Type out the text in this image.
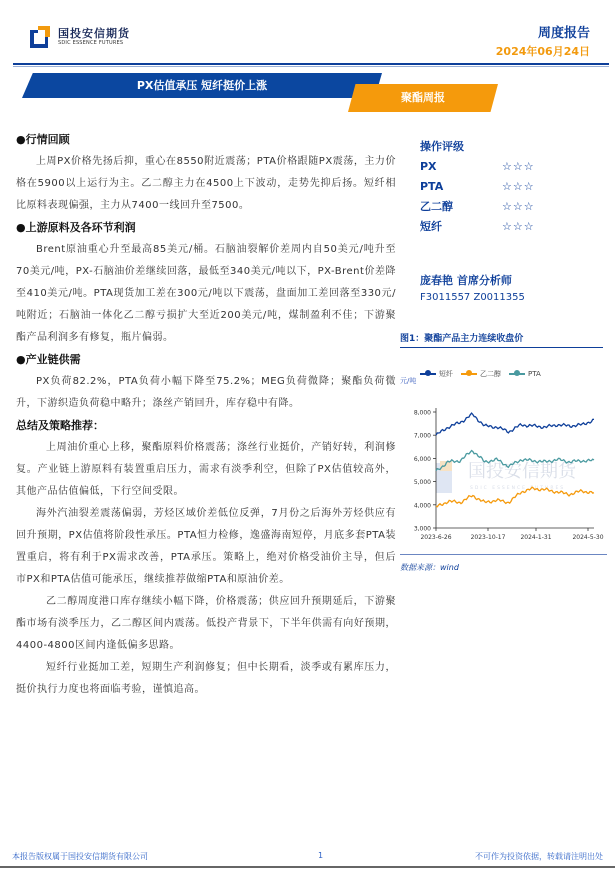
国投安信期货
SDIC ESSENCE FUTURES
周度报告
2024年06月24日
PX估值承压 短纤挺价上涨
聚酯周报
●行情回顾

上周PX价格先扬后抑，重心在8550附近震荡；PTA价格跟随PX震荡，主力价格在5900以上运行为主。乙二醇主力在4500上下波动，走势先抑后扬。短纤相比原料表现偏强，主力从7400一线回升至7500。

●上游原料及各环节利润

Brent原油重心升至最高85美元/桶。石脑油裂解价差周内自50美元/吨升至70美元/吨，PX-石脑油价差继续回落，最低至340美元/吨以下，PX-Brent价差降至410美元/吨。PTA现货加工差在300元/吨以下震荡，盘面加工差回落至330元/吨附近；石脑油一体化乙二醇亏损扩大至近200美元/吨，煤制盈利不佳；下游聚酯产品利润多有修复，瓶片偏弱。

●产业链供需

PX负荷82.2%，PTA负荷小幅下降至75.2%；MEG负荷微降；聚酯负荷微升，下游织造负荷稳中略升；涤丝产销回升，库存稳中有降。

总结及策略推荐：

上周油价重心上移，聚酯原料价格震荡；涤丝行业挺价，产销好转，利润修复。产业链上游原料有装置重启压力，需求有淡季利空，但除了PX估值较高外，其他产品估值偏低，下行空间受限。

海外汽油裂差震荡偏弱，芳烃区域价差低位反弹，7月份之后海外芳烃供应有回升预期，PX估值将阶段性承压。PTA恒力检修，逸盛海南短停，月底多套PTA装置重启，将有利于PX需求改善，PTA承压。策略上，绝对价格受油价主导，但后市PX和PTA估值可能承压，继续推荐做缩PTA和原油价差。

乙二醇周度港口库存继续小幅下降，价格震荡；供应回升预期延后，下游聚酯市场有淡季压力，乙二醇区间内震荡。低投产背景下，下半年供需有向好预期，4400-4800区间内逢低偏多思路。

短纤行业挺加工差，短期生产利润修复；但中长期看，淡季或有累库压力，挺价执行力度也将面临考验，谨慎追高。

操作评级
PX	☆☆☆
PTA	☆☆☆
乙二醇	☆☆☆
短纤	☆☆☆
庞春艳 首席分析师
F3011557 Z0011355
图1：聚酯产品主力连续收盘价
短纤	乙二醇	PTA
元/吨
国投安信期货
SDIC ESSENCE FUTURES
3,000
4,000
5,000
6,000
7,000
8,000
2023-6-26	2023-10-17	2024-1-31	2024-5-30
数据来源：wind
本报告版权属于国投安信期货有限公司	1	不可作为投资依据，转载请注明出处
